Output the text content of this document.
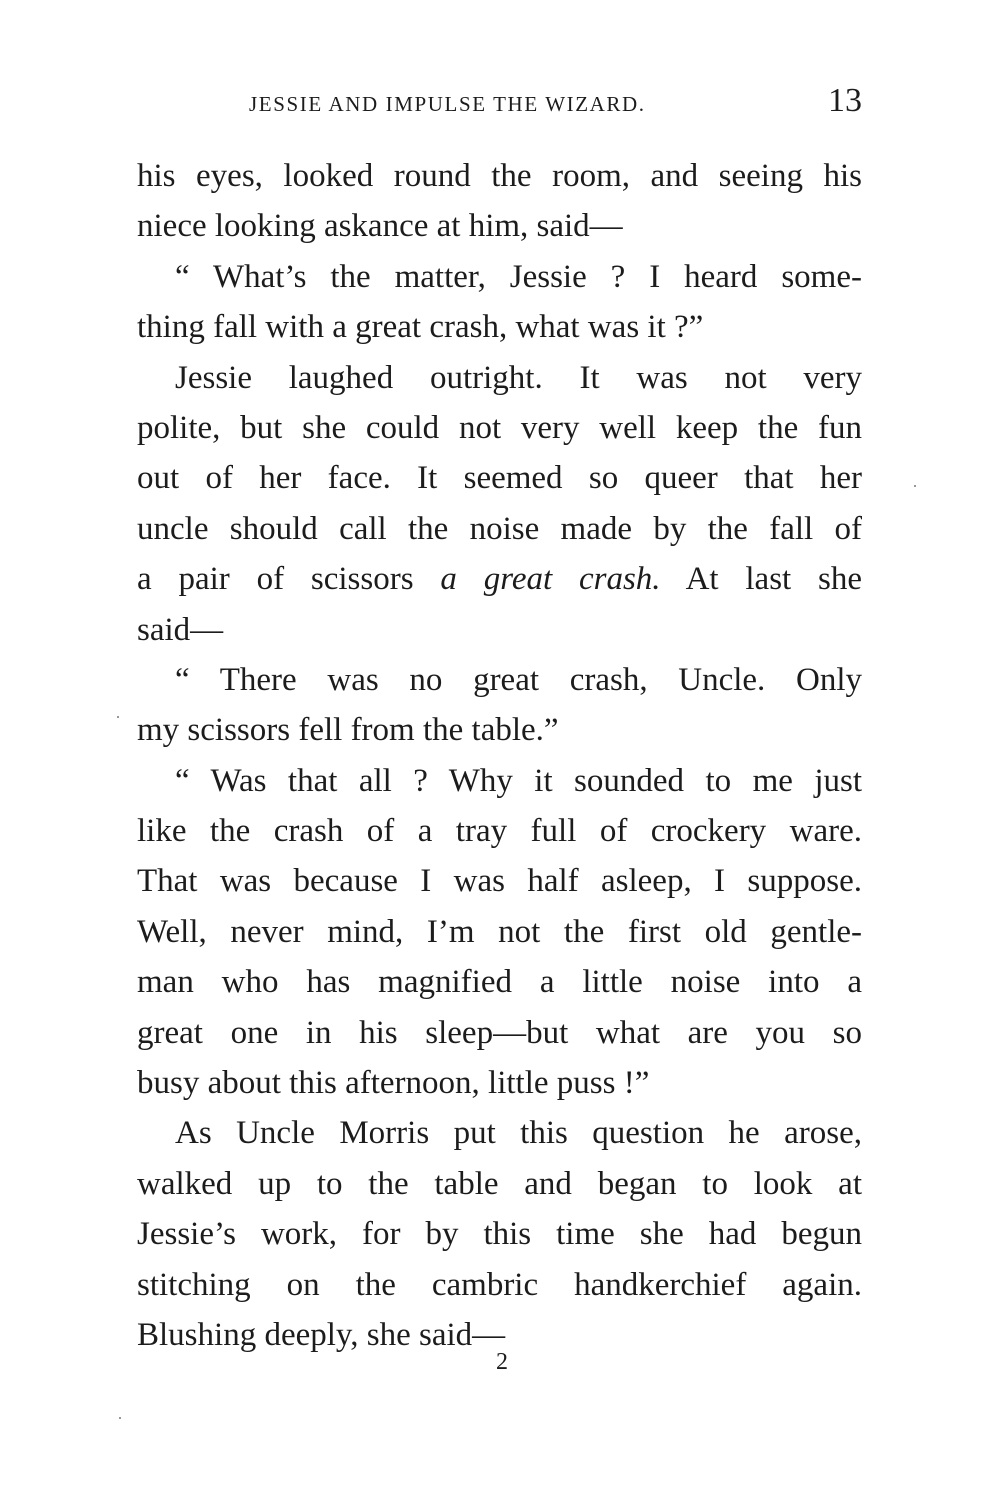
JESSIE AND IMPULSE THE WIZARD.	13
his eyes, looked round the room, and seeing his
niece looking askance at him, said—
“ What’s the matter, Jessie ? I heard some-
thing fall with a great crash, what was it ?”
Jessie laughed outright. It was not very
polite, but she could not very well keep the fun
out of her face. It seemed so queer that her
uncle should call the noise made by the fall of
a pair of scissors a great crash. At last she
said—
“ There was no great crash, Uncle. Only
my scissors fell from the table.”
“ Was that all ? Why it sounded to me just
like the crash of a tray full of crockery ware.
That was because I was half asleep, I suppose.
Well, never mind, I’m not the first old gentle-
man who has magnified a little noise into a
great one in his sleep—but what are you so
busy about this afternoon, little puss !”
As Uncle Morris put this question he arose,
walked up to the table and began to look at
Jessie’s work, for by this time she had begun
stitching on the cambric handkerchief again.
Blushing deeply, she said—
2
